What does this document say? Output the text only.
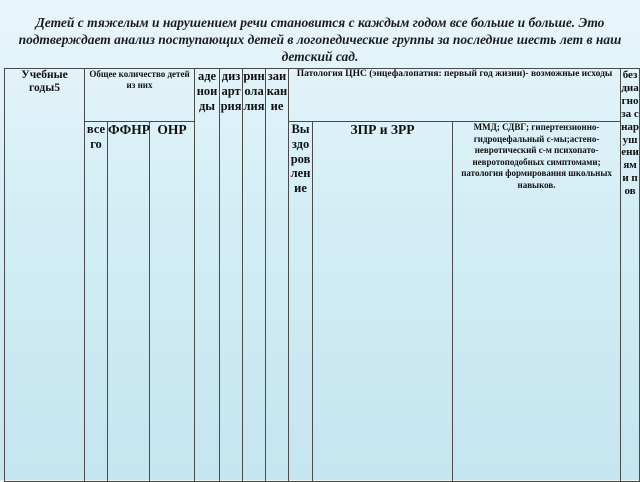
Детей с тяжелым и нарушением речи становится с каждым годом все больше и больше. Это подтверждает анализ поступающих детей в логопедические группы за последние шесть лет в наш детский сад.
Учебные годы5	Общее количество детей из них			аденоиды	дизартрия	ринолалия	заикание	Патология ЦНС (энцефалопатия: первый год жизни)- возможные исходы			без диагноза с нарушениями пов
	всего	ФФНР	ОНР					Выздоровление	ЗПР и ЗРР	ММД; СДВГ; гипертензионно-гидроцефальный с-мы;астено-невротический с-м психопато-невротоподобных симптомами; патология формирования школьных навыков.	
